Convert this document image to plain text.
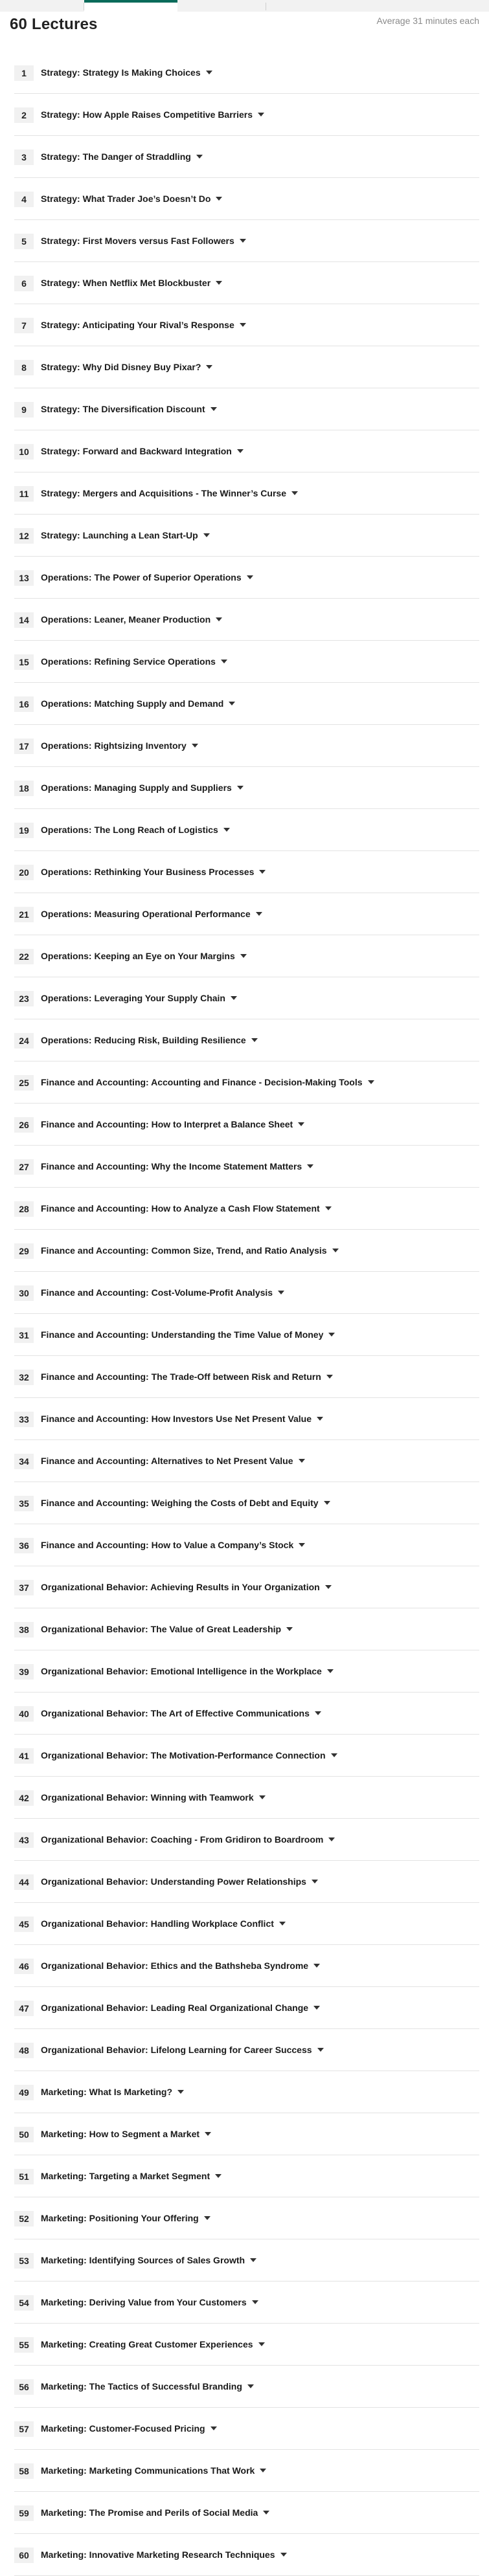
60 Lectures	Average 31 minutes each
1	Strategy: Strategy Is Making Choices
2	Strategy: How Apple Raises Competitive Barriers
3	Strategy: The Danger of Straddling
4	Strategy: What Trader Joe’s Doesn’t Do
5	Strategy: First Movers versus Fast Followers
6	Strategy: When Netflix Met Blockbuster
7	Strategy: Anticipating Your Rival’s Response
8	Strategy: Why Did Disney Buy Pixar?
9	Strategy: The Diversification Discount
10	Strategy: Forward and Backward Integration
11	Strategy: Mergers and Acquisitions - The Winner’s Curse
12	Strategy: Launching a Lean Start-Up
13	Operations: The Power of Superior Operations
14	Operations: Leaner, Meaner Production
15	Operations: Refining Service Operations
16	Operations: Matching Supply and Demand
17	Operations: Rightsizing Inventory
18	Operations: Managing Supply and Suppliers
19	Operations: The Long Reach of Logistics
20	Operations: Rethinking Your Business Processes
21	Operations: Measuring Operational Performance
22	Operations: Keeping an Eye on Your Margins
23	Operations: Leveraging Your Supply Chain
24	Operations: Reducing Risk, Building Resilience
25	Finance and Accounting: Accounting and Finance - Decision-Making Tools
26	Finance and Accounting: How to Interpret a Balance Sheet
27	Finance and Accounting: Why the Income Statement Matters
28	Finance and Accounting: How to Analyze a Cash Flow Statement
29	Finance and Accounting: Common Size, Trend, and Ratio Analysis
30	Finance and Accounting: Cost-Volume-Profit Analysis
31	Finance and Accounting: Understanding the Time Value of Money
32	Finance and Accounting: The Trade-Off between Risk and Return
33	Finance and Accounting: How Investors Use Net Present Value
34	Finance and Accounting: Alternatives to Net Present Value
35	Finance and Accounting: Weighing the Costs of Debt and Equity
36	Finance and Accounting: How to Value a Company’s Stock
37	Organizational Behavior: Achieving Results in Your Organization
38	Organizational Behavior: The Value of Great Leadership
39	Organizational Behavior: Emotional Intelligence in the Workplace
40	Organizational Behavior: The Art of Effective Communications
41	Organizational Behavior: The Motivation-Performance Connection
42	Organizational Behavior: Winning with Teamwork
43	Organizational Behavior: Coaching - From Gridiron to Boardroom
44	Organizational Behavior: Understanding Power Relationships
45	Organizational Behavior: Handling Workplace Conflict
46	Organizational Behavior: Ethics and the Bathsheba Syndrome
47	Organizational Behavior: Leading Real Organizational Change
48	Organizational Behavior: Lifelong Learning for Career Success
49	Marketing: What Is Marketing?
50	Marketing: How to Segment a Market
51	Marketing: Targeting a Market Segment
52	Marketing: Positioning Your Offering
53	Marketing: Identifying Sources of Sales Growth
54	Marketing: Deriving Value from Your Customers
55	Marketing: Creating Great Customer Experiences
56	Marketing: The Tactics of Successful Branding
57	Marketing: Customer-Focused Pricing
58	Marketing: Marketing Communications That Work
59	Marketing: The Promise and Perils of Social Media
60	Marketing: Innovative Marketing Research Techniques
